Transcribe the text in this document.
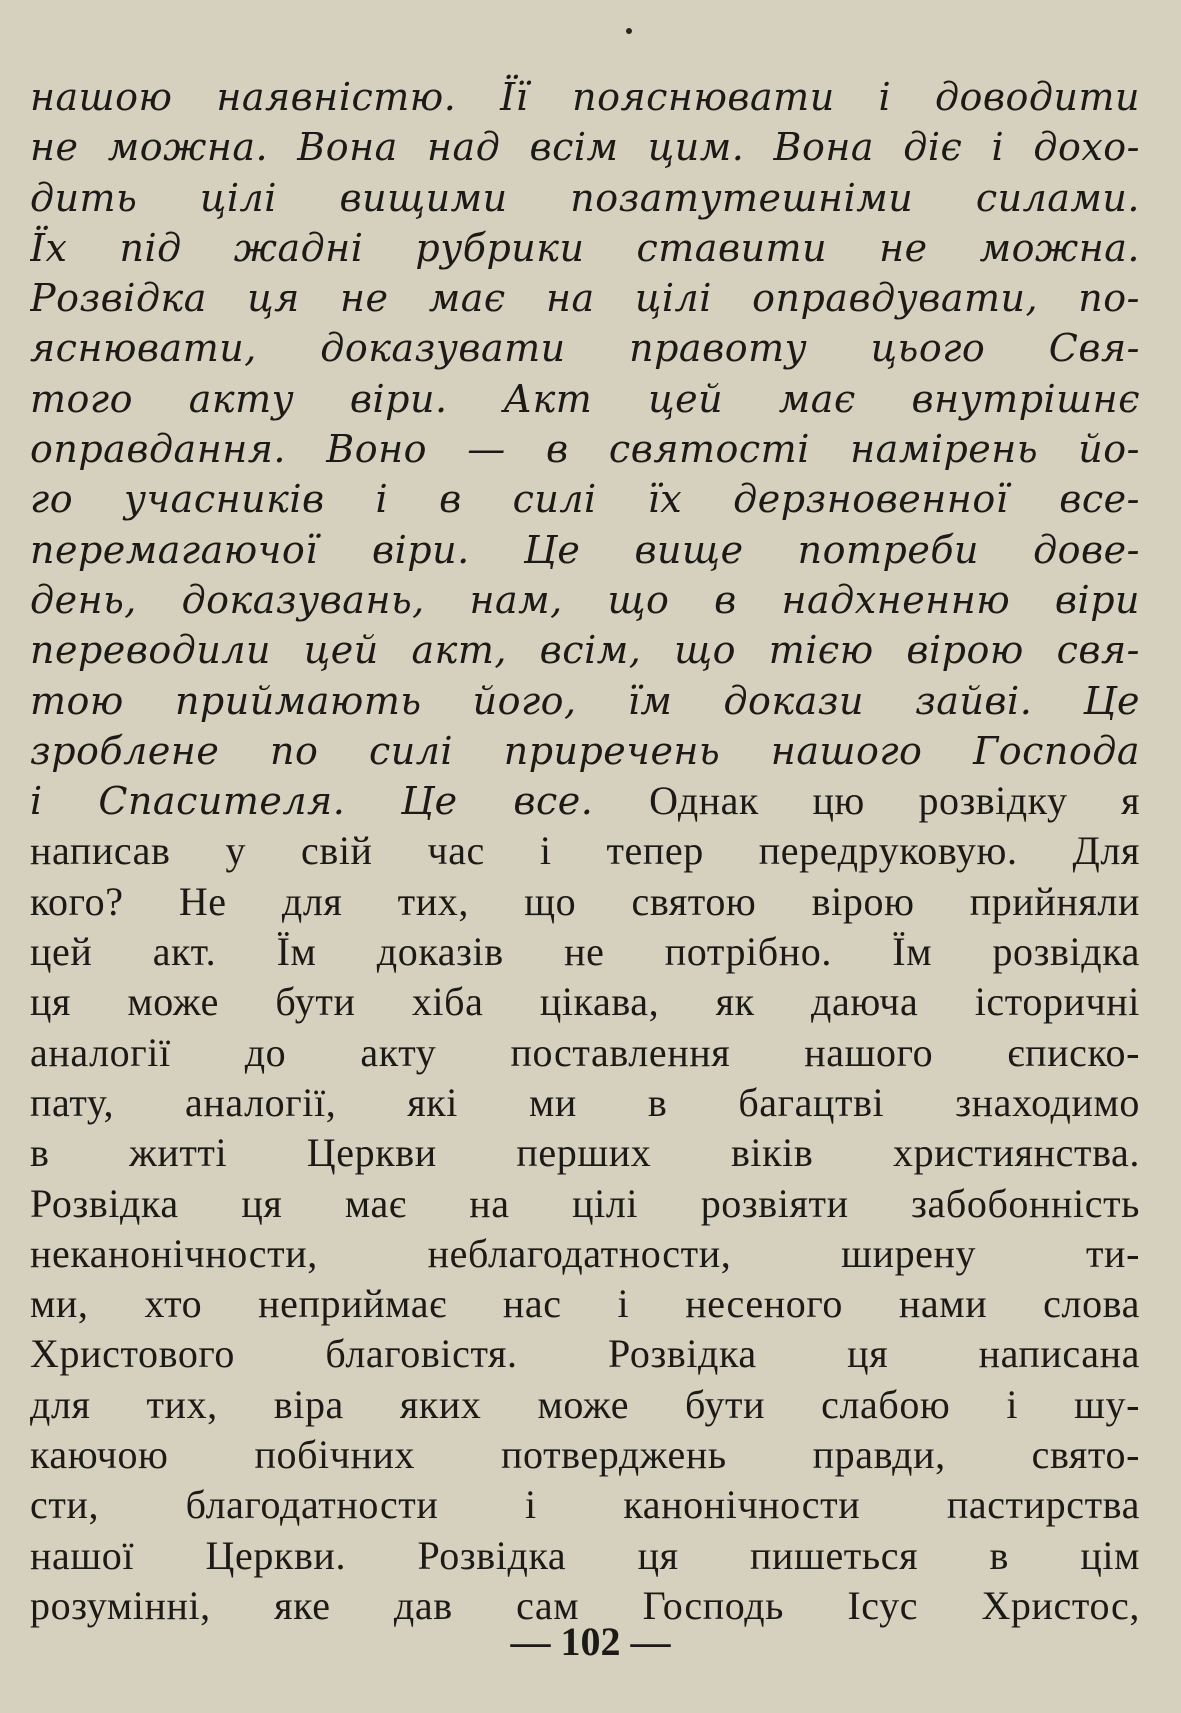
нашою наявністю. Її пояснювати і доводити
не можна. Вона над всім цим. Вона діє і дохо-
дить цілі вищими позатутешніми силами.
Їх під жадні рубрики ставити не можна.
Розвідка ця не має на цілі оправдувати, по-
яснювати, доказувати правоту цього Свя-
того акту віри. Акт цей має внутрішнє
оправдання. Воно — в святості намірень йо-
го учасників і в силі їх дерзновенної все-
перемагаючої віри. Це вище потреби дове-
день, доказувань, нам, що в надхненню віри
переводили цей акт, всім, що тією вірою свя-
тою приймають його, їм докази зайві. Це
зроблене по силі приречень нашого Господа
і Спасителя. Це все. Однак цю розвідку я
написав у свій час і тепер передруковую. Для
кого? Не для тих, що святою вірою прийняли
цей акт. Їм доказів не потрібно. Їм розвідка
ця може бути хіба цікава, як даюча історичні
аналогії до акту поставлення нашого єписко-
пату, аналогії, які ми в багацтві знаходимо
в житті Церкви перших віків християнства.
Розвідка ця має на цілі розвіяти забобонність
неканонічности, неблагодатности, ширену ти-
ми, хто неприймає нас і несеного нами слова
Христового благовістя. Розвідка ця написана
для тих, віра яких може бути слабою і шу-
каючою побічних потверджень правди, свято-
сти, благодатности і канонічности пастирства
нашої Церкви. Розвідка ця пишеться в цім
розумінні, яке дав сам Господь Ісус Христос,
— 102 —
